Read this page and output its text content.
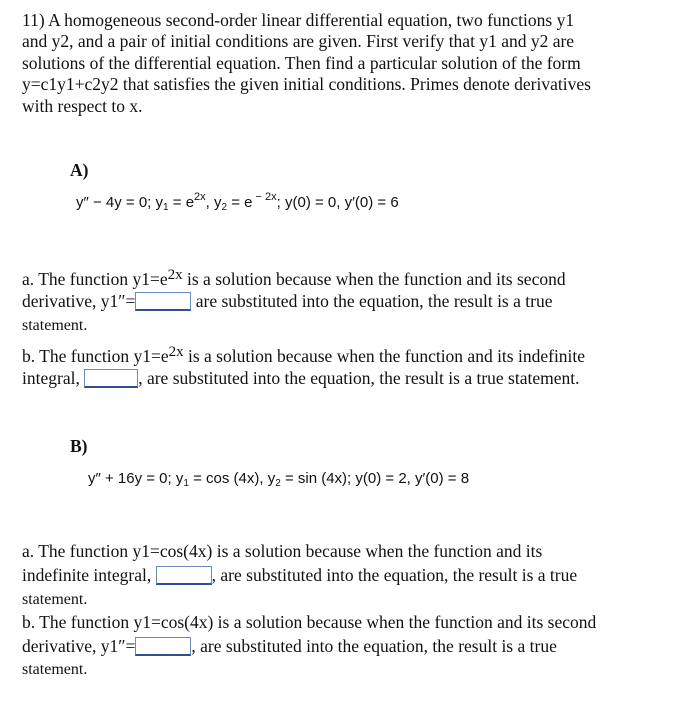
11) A homogeneous second-order linear differential equation, two functions y1
and y2, and a pair of initial conditions are given. First verify that y1 and y2 are
solutions of the differential equation. Then find a particular solution of the form
y=c1y1+c2y2 that satisfies the given initial conditions. Primes denote derivatives
with respect to x.
A)
y″ − 4y = 0; $y_1 = e^{2x}$, $y_2 = e$ $^{- 2x}$; y(0) = 0, y′(0) = 6
a. The function $y1=e^{2x}$ is a solution because when the function and its second
derivative, y1″=	are substituted into the equation, the result is a true
statement.
b. The function $y1=e^{2x}$ is a solution because when the function and its indefinite
integral,	, are substituted into the equation, the result is a true statement.
B)
y″ + 16y = 0; $y_1 = \cos (4x)$, $y_2 = \sin (4x)$; y(0) = 2, y′(0) = 8
a. The function y1=cos(4x) is a solution because when the function and its
indefinite integral,	, are substituted into the equation, the result is a true
statement.
b. The function y1=cos(4x) is a solution because when the function and its second
derivative, y1″=	, are substituted into the equation, the result is a true
statement.
